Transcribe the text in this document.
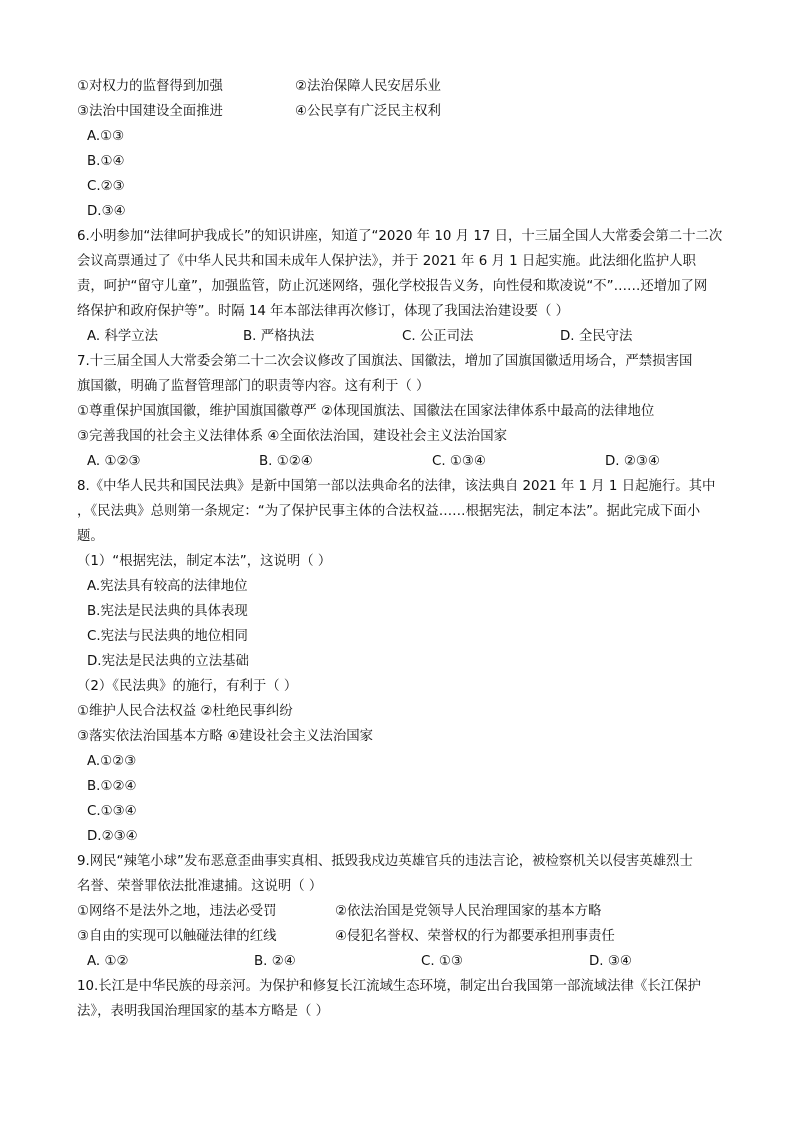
①对权力的监督得到加强	②法治保障人民安居乐业
③法治中国建设全面推进	④公民享有广泛民主权利
A.①③
B.①④
C.②③
D.③④
6.小明参加“法律呵护我成长”的知识讲座，知道了“2020 年 10 月 17 日，十三届全国人大常委会第二十二次
会议高票通过了《中华人民共和国未成年人保护法》，并于 2021 年 6 月 1 日起实施。此法细化监护人职
责，呵护“留守儿童”，加强监管，防止沉迷网络，强化学校报告义务，向性侵和欺凌说“不”……还增加了网
络保护和政府保护等”。时隔 14 年本部法律再次修订，体现了我国法治建设要（ ）
A. 科学立法	B. 严格执法	C. 公正司法	D. 全民守法
7.十三届全国人大常委会第二十二次会议修改了国旗法、国徽法，增加了国旗国徽适用场合，严禁损害国
旗国徽，明确了监督管理部门的职责等内容。这有利于（ ）
①尊重保护国旗国徽，维护国旗国徽尊严 ②体现国旗法、国徽法在国家法律体系中最高的法律地位
③完善我国的社会主义法律体系 ④全面依法治国，建设社会主义法治国家
A. ①②③	B. ①②④	C. ①③④	D. ②③④
8.《中华人民共和国民法典》是新中国第一部以法典命名的法律，该法典自 2021 年 1 月 1 日起施行。其中
，《民法典》总则第一条规定：“为了保护民事主体的合法权益……根据宪法，制定本法”。据此完成下面小
题。
（1）“根据宪法，制定本法”，这说明（ ）
A.宪法具有较高的法律地位
B.宪法是民法典的具体表现
C.宪法与民法典的地位相同
D.宪法是民法典的立法基础
（2）《民法典》的施行，有利于（ ）
①维护人民合法权益 ②杜绝民事纠纷
③落实依法治国基本方略 ④建设社会主义法治国家
A.①②③
B.①②④
C.①③④
D.②③④
9.网民“辣笔小球”发布恶意歪曲事实真相、抵毁我戍边英雄官兵的违法言论，被检察机关以侵害英雄烈士
名誉、荣誉罪依法批准逮捕。这说明（ ）
①网络不是法外之地，违法必受罚	②依法治国是党领导人民治理国家的基本方略
③自由的实现可以触碰法律的红线	④侵犯名誉权、荣誉权的行为都要承担刑事责任
A. ①②	B. ②④	C. ①③	D. ③④
10.长江是中华民族的母亲河。为保护和修复长江流域生态环境，制定出台我国第一部流域法律《长江保护
法》，表明我国治理国家的基本方略是（ ）
